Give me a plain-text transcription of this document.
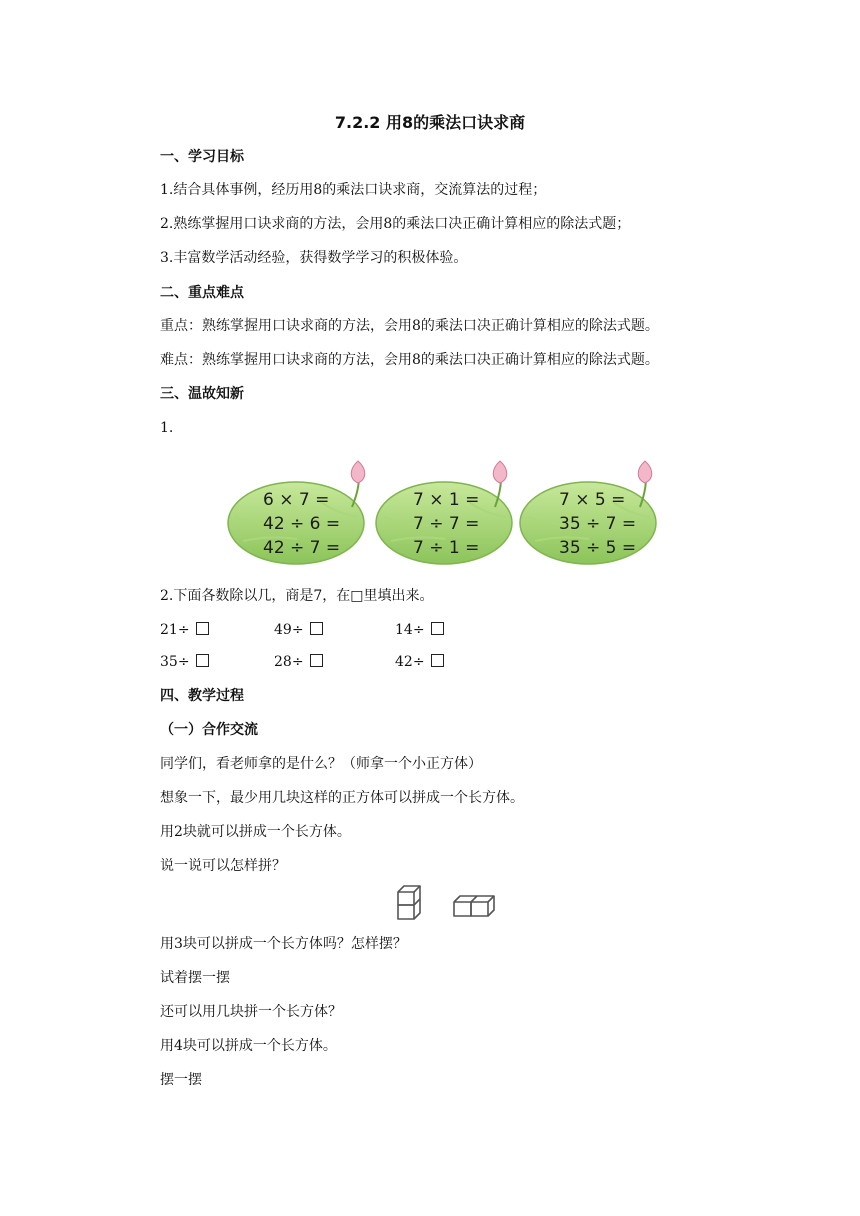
7.2.2 用8的乘法口诀求商
一、学习目标
1.结合具体事例，经历用8的乘法口诀求商，交流算法的过程；
2.熟练掌握用口诀求商的方法，会用8的乘法口决正确计算相应的除法式题；
3.丰富数学活动经验，获得数学学习的积极体验。
二、重点难点
重点：熟练掌握用口诀求商的方法，会用8的乘法口决正确计算相应的除法式题。
难点：熟练掌握用口诀求商的方法，会用8的乘法口决正确计算相应的除法式题。
三、温故知新
1.
6 × 7 =
42 ÷ 6 =
42 ÷ 7 =
7 × 1 =
7 ÷ 7 =
7 ÷ 1 =
7 × 5 =
35 ÷ 7 =
35 ÷ 5 =
2.下面各数除以几，商是7，在□里填出来。
21÷	49÷	14÷
35÷	28÷	42÷
四、教学过程
（一）合作交流
同学们，看老师拿的是什么？（师拿一个小正方体）
想象一下，最少用几块这样的正方体可以拼成一个长方体。
用2块就可以拼成一个长方体。
说一说可以怎样拼？
用3块可以拼成一个长方体吗？怎样摆？
试着摆一摆
还可以用几块拼一个长方体？
用4块可以拼成一个长方体。
摆一摆
